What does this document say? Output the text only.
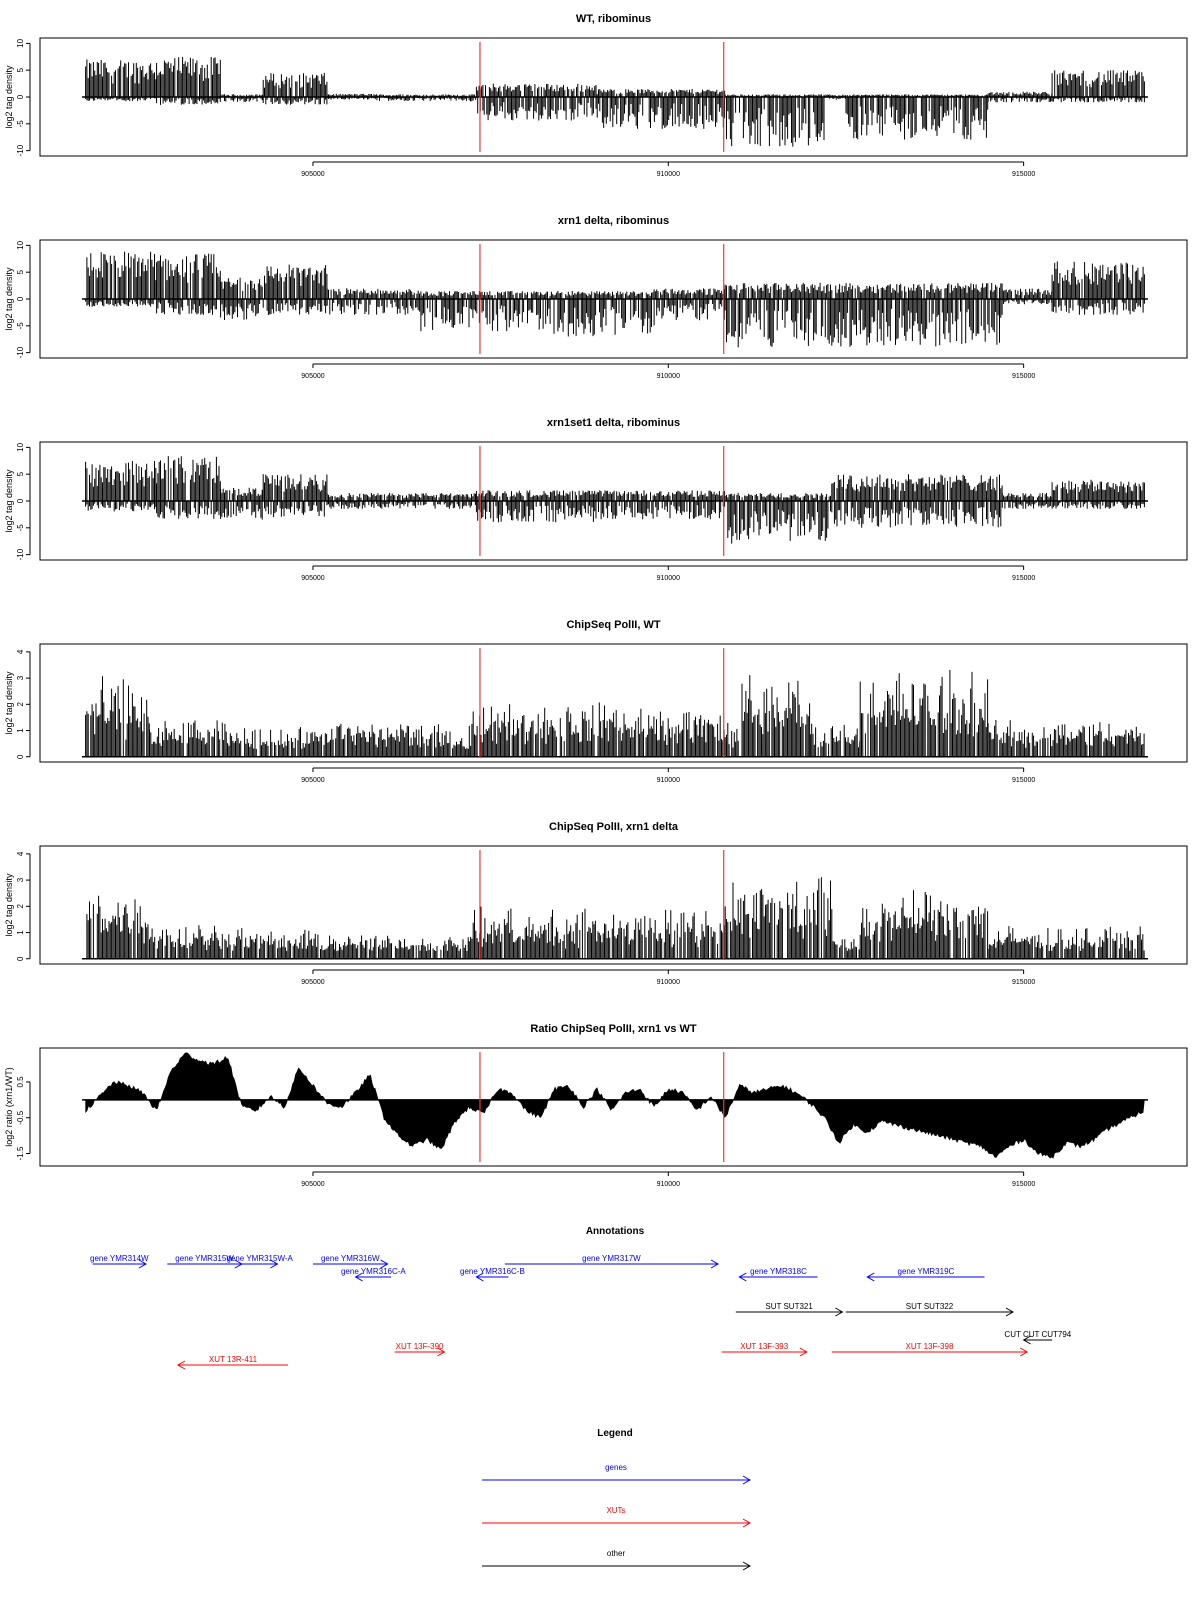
WT, ribominus
log2 tag density
10
5
0
-5
-10
905000	910000	915000
xrn1 delta, ribominus
log2 tag density
10
5
0
-5
-10
905000	910000	915000
xrn1set1 delta, ribominus
log2 tag density
10
5
0
-5
-10
905000	910000	915000
ChipSeq PolII, WT
log2 tag density
0
1
2
3
4
905000	910000	915000
ChipSeq PolII, xrn1 delta
log2 tag density
0
1
2
3
4
905000	910000	915000
Ratio ChipSeq PolII, xrn1 vs WT
log2 ratio (xrn1/WT) 0.5
-0.5
-1.5
905000	910000	915000
Annotations
gene YMR314W	gene YMR315W
gene YMR315W-A	gene YMR316W
gene YMR316C-A	gene YMR316C-B
gene YMR317W
gene YMR318C	gene YMR319C
SUT SUT321	SUT SUT322
CUT CUT CUT794
XUT 13R-411
XUT 13F-390	XUT 13F-393	XUT 13F-398
Legend
genes
XUTs
other
